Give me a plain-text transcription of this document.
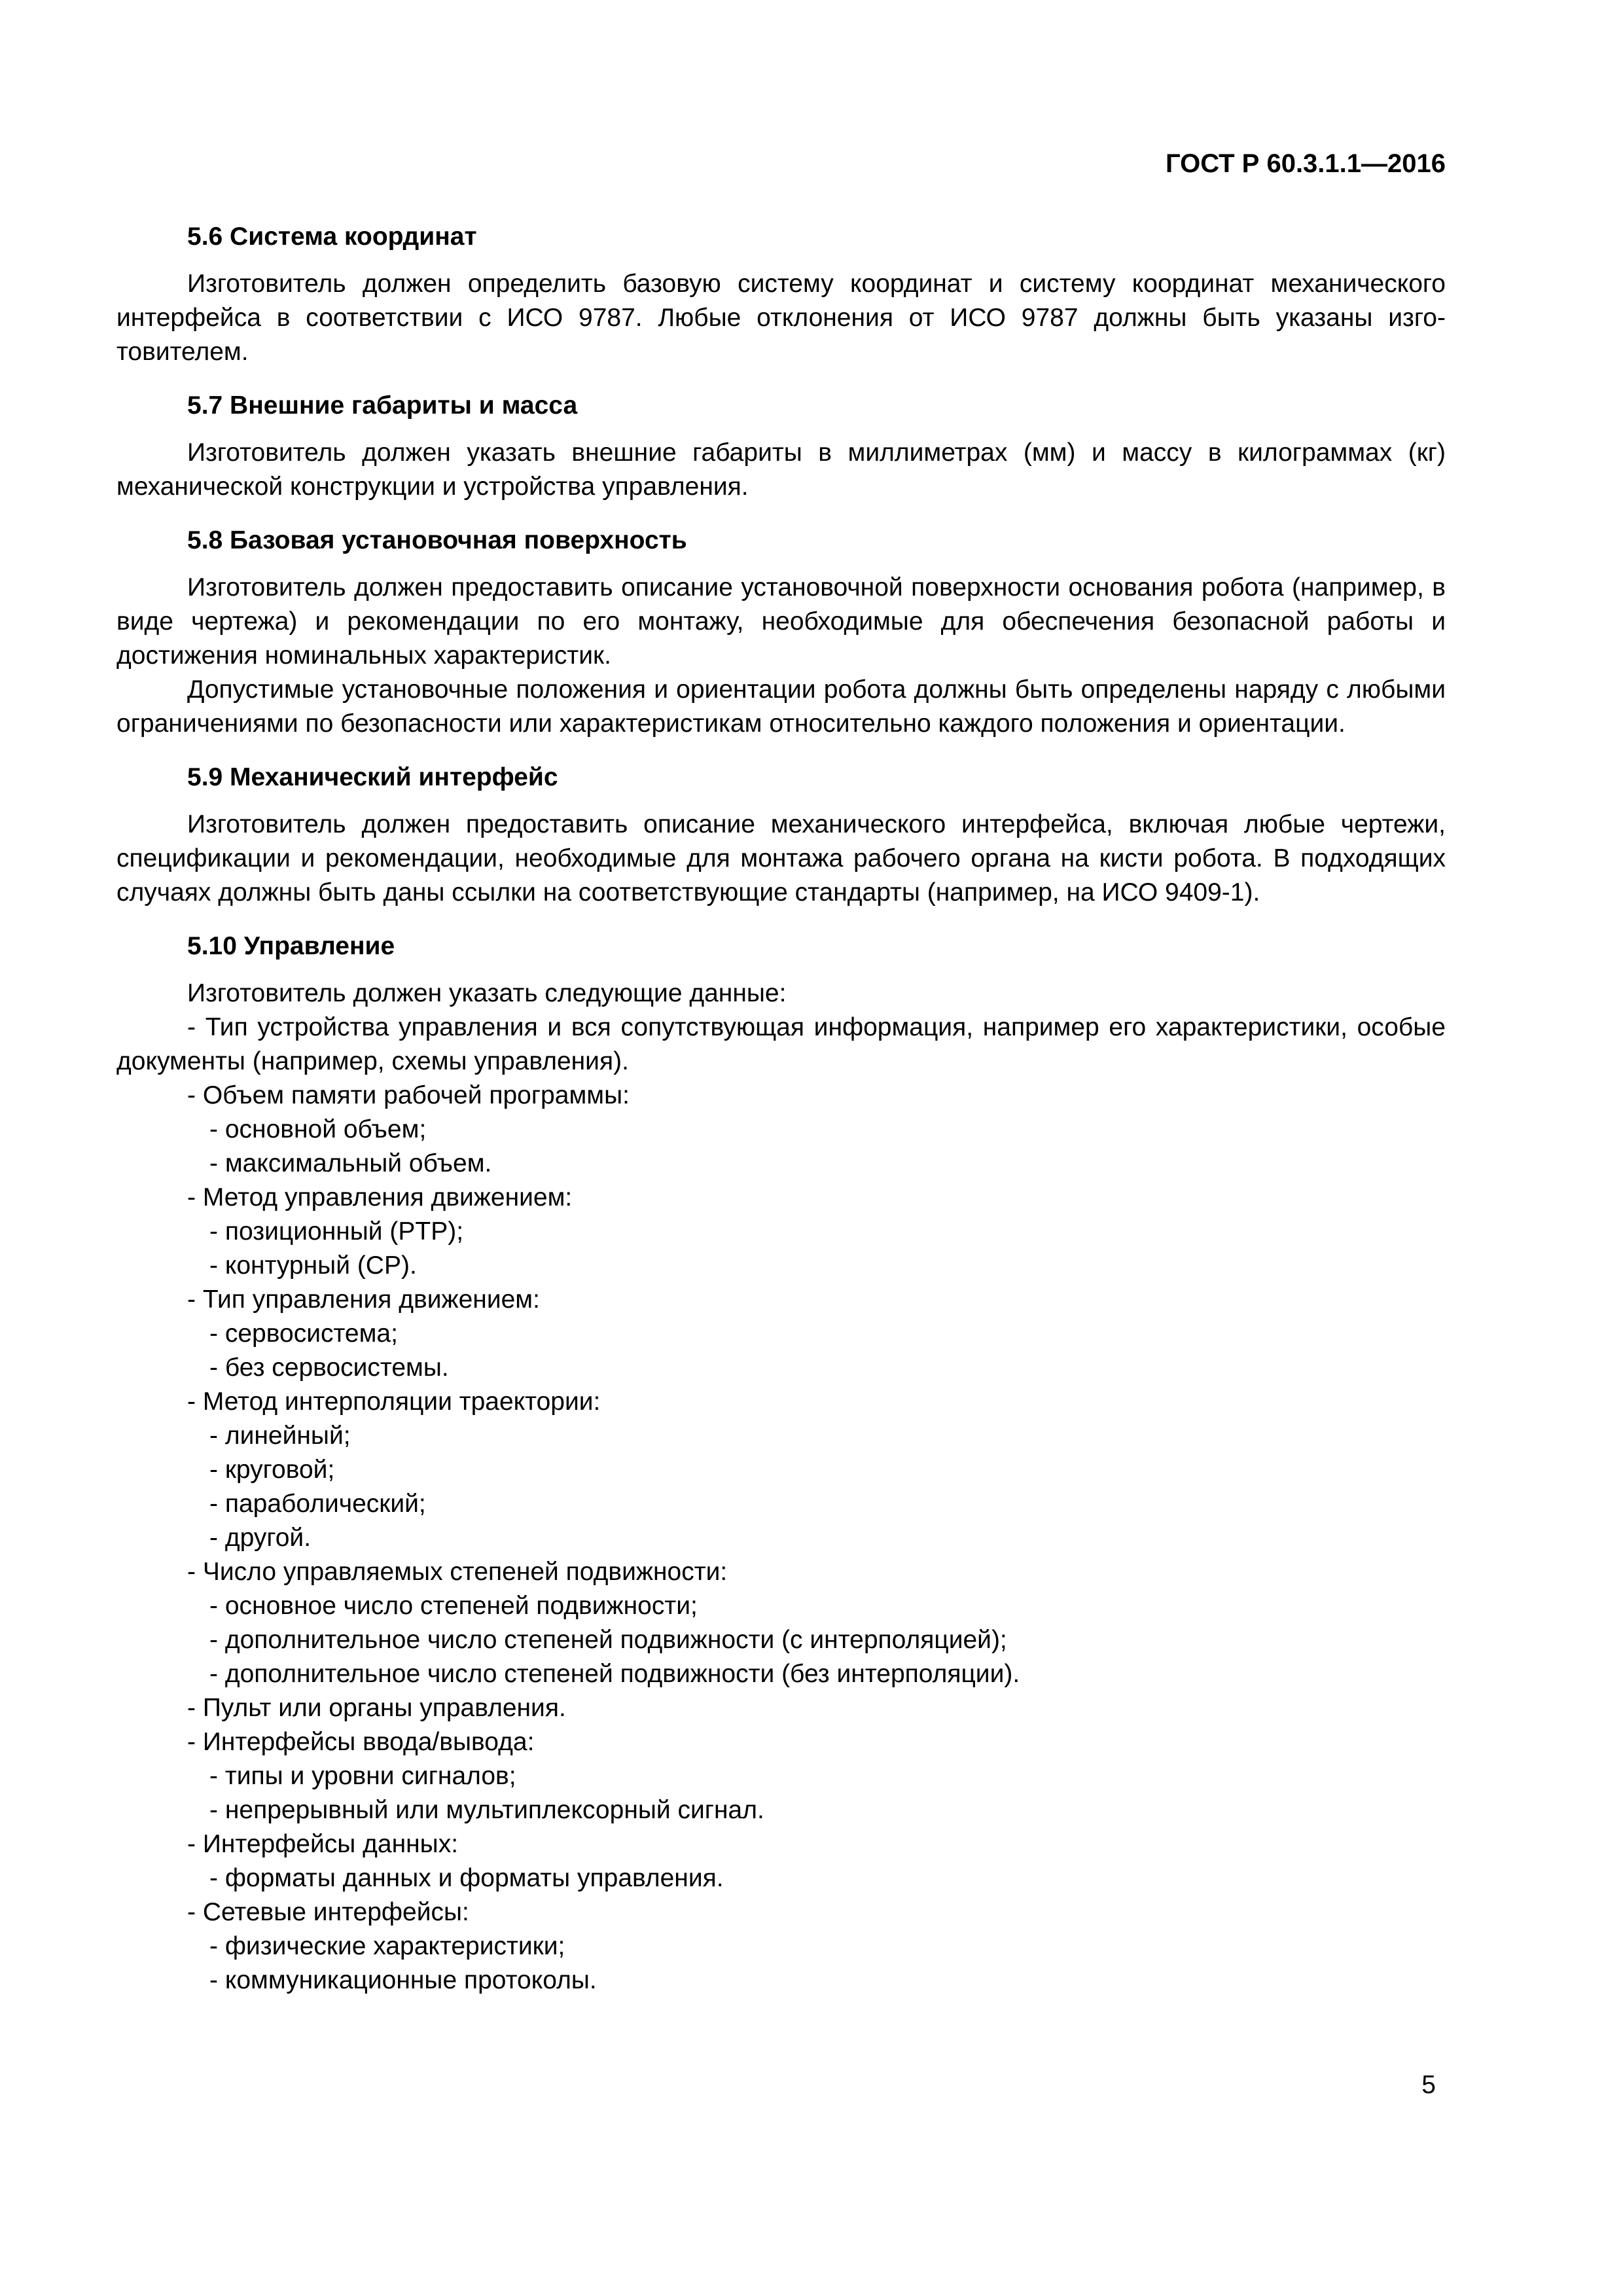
ГОСТ Р 60.3.1.1—2016
5.6 Система координат

Изготовитель должен определить базовую систему координат и систему координат механического интерфейса в соответствии с ИСО 9787. Любые отклонения от ИСО 9787 должны быть указаны изготовителем.

5.7 Внешние габариты и масса

Изготовитель должен указать внешние габариты в миллиметрах (мм) и массу в килограммах (кг) механической конструкции и устройства управления.

5.8 Базовая установочная поверхность

Изготовитель должен предоставить описание установочной поверхности основания робота (например, в виде чертежа) и рекомендации по его монтажу, необходимые для обеспечения безопасной работы и достижения номинальных характеристик.

Допустимые установочные положения и ориентации робота должны быть определены наряду с любыми ограничениями по безопасности или характеристикам относительно каждого положения и ориентации.

5.9 Механический интерфейс

Изготовитель должен предоставить описание механического интерфейса, включая любые чертежи, спецификации и рекомендации, необходимые для монтажа рабочего органа на кисти робота. В подходящих случаях должны быть даны ссылки на соответствующие стандарты (например, на ИСО 9409-1).

5.10 Управление

Изготовитель должен указать следующие данные:

- Тип устройства управления и вся сопутствующая информация, например его характеристики, особые документы (например, схемы управления).
- Объем памяти рабочей программы:
- основной объем;
- максимальный объем.
- Метод управления движением:
- позиционный (PTP);
- контурный (CP).
- Тип управления движением:
- сервосистема;
- без сервосистемы.
- Метод интерполяции траектории:
- линейный;
- круговой;
- параболический;
- другой.
- Число управляемых степеней подвижности:
- основное число степеней подвижности;
- дополнительное число степеней подвижности (с интерполяцией);
- дополнительное число степеней подвижности (без интерполяции).
- Пульт или органы управления.
- Интерфейсы ввода/вывода:
- типы и уровни сигналов;
- непрерывный или мультиплексорный сигнал.
- Интерфейсы данных:
- форматы данных и форматы управления.
- Сетевые интерфейсы:
- физические характеристики;
- коммуникационные протоколы.
5
